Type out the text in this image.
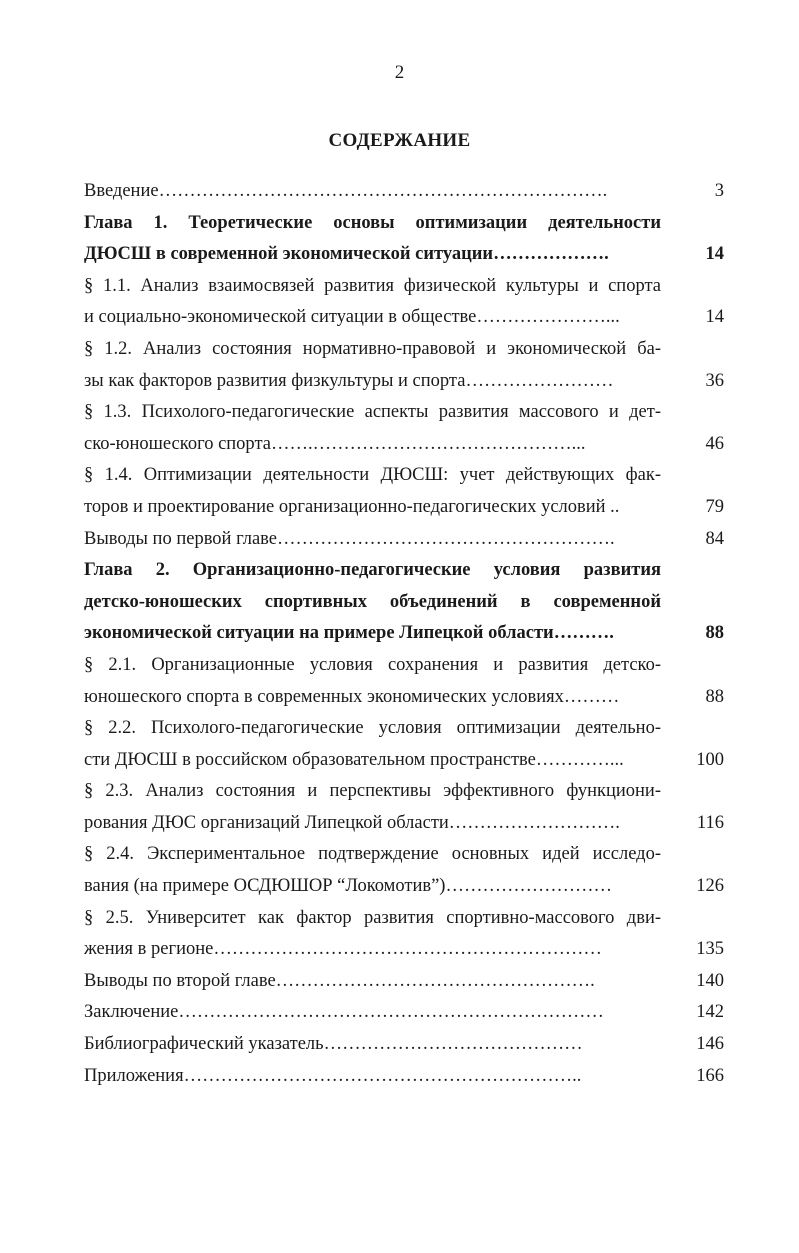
2
СОДЕРЖАНИЕ
Введение……………………………………………………………….	3
Глава 1. Теоретические основы оптимизации деятельности
ДЮСШ в современной экономической ситуации……………….	14
§ 1.1. Анализ взаимосвязей развития физической культуры и спорта
и социально-экономической ситуации в обществе…………………...	14
§ 1.2. Анализ состояния нормативно-правовой и экономической ба-
зы как факторов развития физкультуры и спорта……………………	36
§ 1.3. Психолого-педагогические аспекты развития массового и дет-
ско-юношеского спорта…….……………………………………...	46
§ 1.4. Оптимизации деятельности ДЮСШ: учет действующих фак-
торов и проектирование организационно-педагогических условий ..	79
Выводы по первой главе……………………………………………….	84
Глава 2. Организационно-педагогические условия развития
детско-юношеских спортивных объединений в современной
экономической ситуации на примере Липецкой области……….	88
§ 2.1. Организационные условия сохранения и развития детско-
юношеского спорта в современных экономических условиях………	88
§ 2.2. Психолого-педагогические условия оптимизации деятельно-
сти ДЮСШ в российском образовательном пространстве…………...	100
§ 2.3. Анализ состояния и перспективы эффективного функциони-
рования ДЮС организаций Липецкой области……………………….	116
§ 2.4. Экспериментальное подтверждение основных идей исследо-
вания (на примере ОСДЮШОР “Локомотив”)………………………	126
§ 2.5. Университет как фактор развития спортивно-массового дви-
жения в регионе………………………………………………………	135
Выводы по второй главе…………………………………………….	140
Заключение……………………………………………………………	142
Библиографический указатель……………………………………	146
Приложения………………………………………………………..	166
